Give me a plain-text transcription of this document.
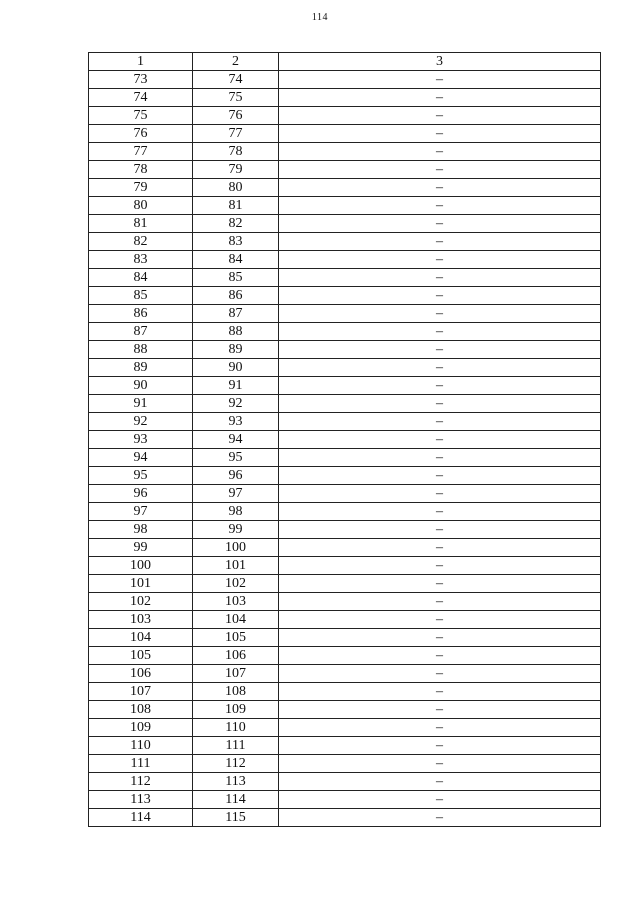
114
1	2	3
73	74	–
74	75	–
75	76	–
76	77	–
77	78	–
78	79	–
79	80	–
80	81	–
81	82	–
82	83	–
83	84	–
84	85	–
85	86	–
86	87	–
87	88	–
88	89	–
89	90	–
90	91	–
91	92	–
92	93	–
93	94	–
94	95	–
95	96	–
96	97	–
97	98	–
98	99	–
99	100	–
100	101	–
101	102	–
102	103	–
103	104	–
104	105	–
105	106	–
106	107	–
107	108	–
108	109	–
109	110	–
110	111	–
111	112	–
112	113	–
113	114	–
114	115	–
